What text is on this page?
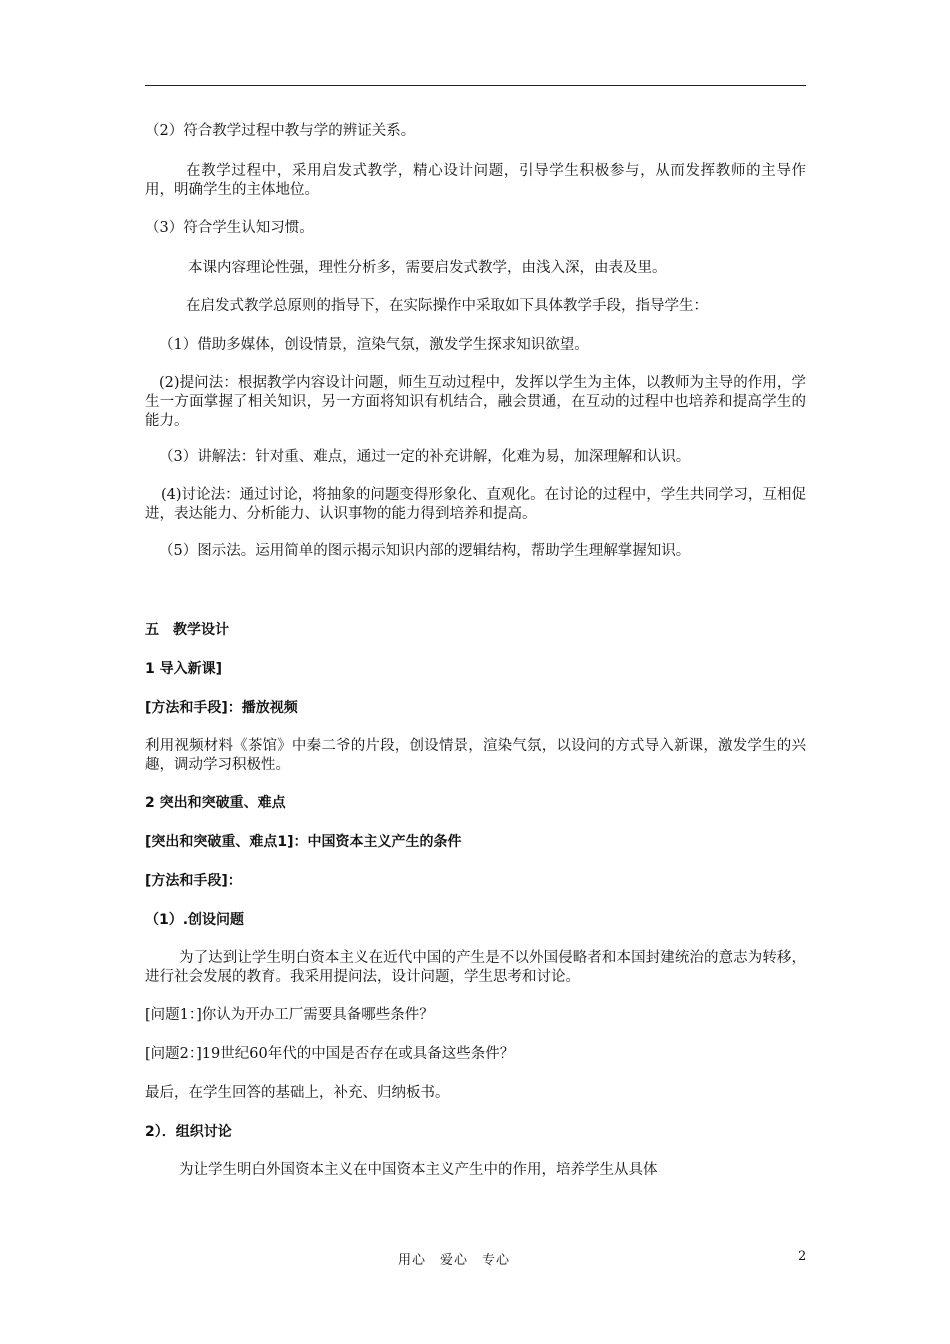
（2）符合教学过程中教与学的辨证关系。

在教学过程中，采用启发式教学，精心设计问题，引导学生积极参与，从而发挥教师的主导作用，明确学生的主体地位。

（3）符合学生认知习惯。

本课内容理论性强，理性分析多，需要启发式教学，由浅入深，由表及里。

在启发式教学总原则的指导下，在实际操作中采取如下具体教学手段，指导学生：

（1）借助多媒体，创设情景，渲染气氛，激发学生探求知识欲望。

(2)提问法：根据教学内容设计问题，师生互动过程中，发挥以学生为主体，以教师为主导的作用，学生一方面掌握了相关知识，另一方面将知识有机结合，融会贯通，在互动的过程中也培养和提高学生的能力。

（3）讲解法：针对重、难点，通过一定的补充讲解，化难为易，加深理解和认识。

(4)讨论法：通过讨论，将抽象的问题变得形象化、直观化。在讨论的过程中，学生共同学习，互相促进，表达能力、分析能力、认识事物的能力得到培养和提高。

（5）图示法。运用简单的图示揭示知识内部的逻辑结构，帮助学生理解掌握知识。

五　教学设计

1 导入新课]

[方法和手段]：播放视频

利用视频材料《茶馆》中秦二爷的片段，创设情景，渲染气氛，以设问的方式导入新课，激发学生的兴趣，调动学习积极性。

2 突出和突破重、难点

[突出和突破重、难点1]：中国资本主义产生的条件

[方法和手段]：

（1）.创设问题

为了达到让学生明白资本主义在近代中国的产生是不以外国侵略者和本国封建统治的意志为转移，进行社会发展的教育。我采用提问法，设计问题，学生思考和讨论。

[问题1：]你认为开办工厂需要具备哪些条件？

[问题2：]19世纪60年代的中国是否存在或具备这些条件？

最后，在学生回答的基础上，补充、归纳板书。

2）．组织讨论

为让学生明白外国资本主义在中国资本主义产生中的作用，培养学生从具体

用心　爱心　专心	2
